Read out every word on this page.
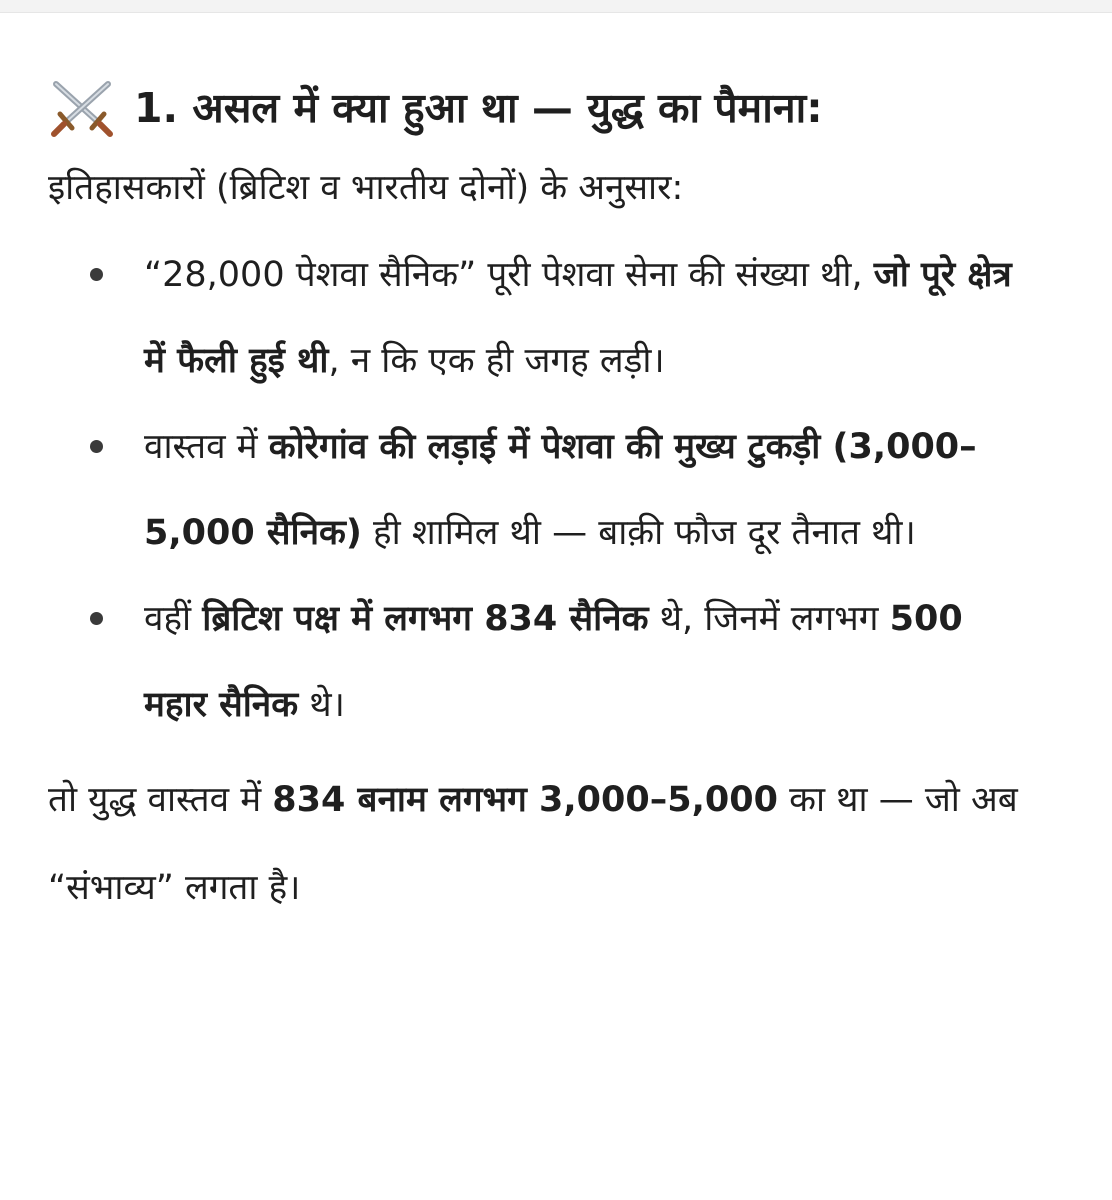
1. असल में क्या हुआ था — युद्ध का पैमाना:

इतिहासकारों (ब्रिटिश व भारतीय दोनों) के अनुसार:

“28,000 पेशवा सैनिक” पूरी पेशवा सेना की संख्या थी, जो पूरे क्षेत्र में फैली हुई थी, न कि एक ही जगह लड़ी।
वास्तव में कोरेगांव की लड़ाई में पेशवा की मुख्य टुकड़ी (3,000–5,000 सैनिक) ही शामिल थी — बाक़ी फौज दूर तैनात थी।
वहीं ब्रिटिश पक्ष में लगभग 834 सैनिक थे, जिनमें लगभग 500 महार सैनिक थे।

तो युद्ध वास्तव में 834 बनाम लगभग 3,000–5,000 का था — जो अब “संभाव्य” लगता है।
